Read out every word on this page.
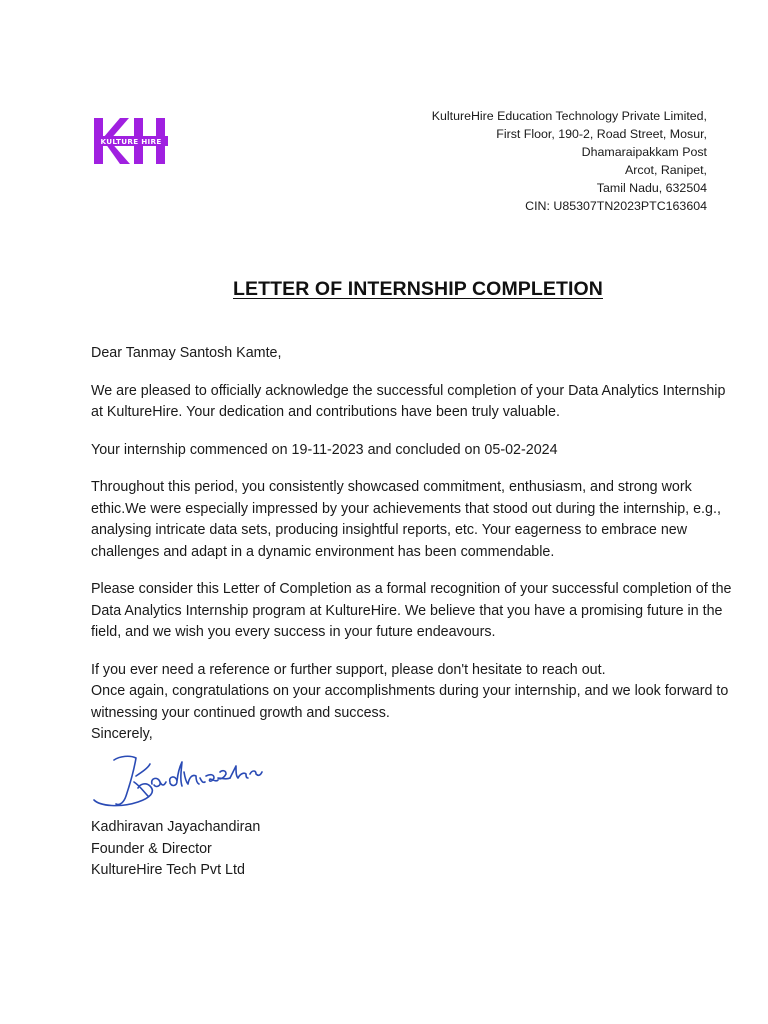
KULTURE HIRE
KultureHire Education Technology Private Limited,
First Floor, 190-2, Road Street, Mosur,
Dhamaraipakkam Post
Arcot, Ranipet,
Tamil Nadu, 632504
CIN: U85307TN2023PTC163604
LETTER OF INTERNSHIP COMPLETION

Dear Tanmay Santosh Kamte,

We are pleased to officially acknowledge the successful completion of your Data Analytics Internship at KultureHire. Your dedication and contributions have been truly valuable.

Your internship commenced on 19-11-2023 and concluded on 05-02-2024

Throughout this period, you consistently showcased commitment, enthusiasm, and strong work ethic.We were especially impressed by your achievements that stood out during the internship, e.g., analysing intricate data sets, producing insightful reports, etc. Your eagerness to embrace new challenges and adapt in a dynamic environment has been commendable.

Please consider this Letter of Completion as a formal recognition of your successful completion of the Data Analytics Internship program at KultureHire. We believe that you have a promising future in the field, and we wish you every success in your future endeavours.

If you ever need a reference or further support, please don't hesitate to reach out.

Once again, congratulations on your accomplishments during your internship, and we look forward to witnessing your continued growth and success.

Sincerely,

Kadhiravan Jayachandiran
Founder & Director
KultureHire Tech Pvt Ltd
